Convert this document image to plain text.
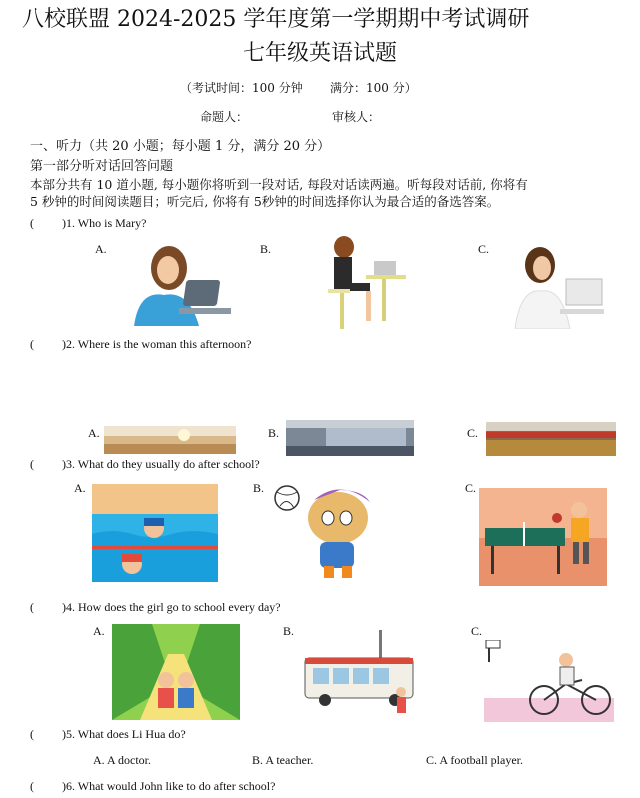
八校联盟 2024-2025 学年度第一学期期中考试调研
七年级英语试题
（考试时间：100 分钟 满分：100 分）
命题人：	审核人：
一、听力（共 20 小题；每小题 1 分，满分 20 分）
第一部分听对话回答问题
本部分共有 10 道小题, 每小题你将听到一段对话, 每段对话读两遍。听每段对话前, 你将有
5 秒钟的时间阅读题目；听完后, 你将有 5秒钟的时间选择你认为最合适的备选答案。
( )1. Who is Mary?
A.	B.	C.
( )2. Where is the woman this afternoon?
A.	B.	C.
( )3. What do they usually do after school?
A.	B.	C.
( )4. How does the girl go to school every day?
A.	B.	C.
( )5. What does Li Hua do?
A. A doctor.	B. A teacher.	C. A football player.
( )6. What would John like to do after school?
